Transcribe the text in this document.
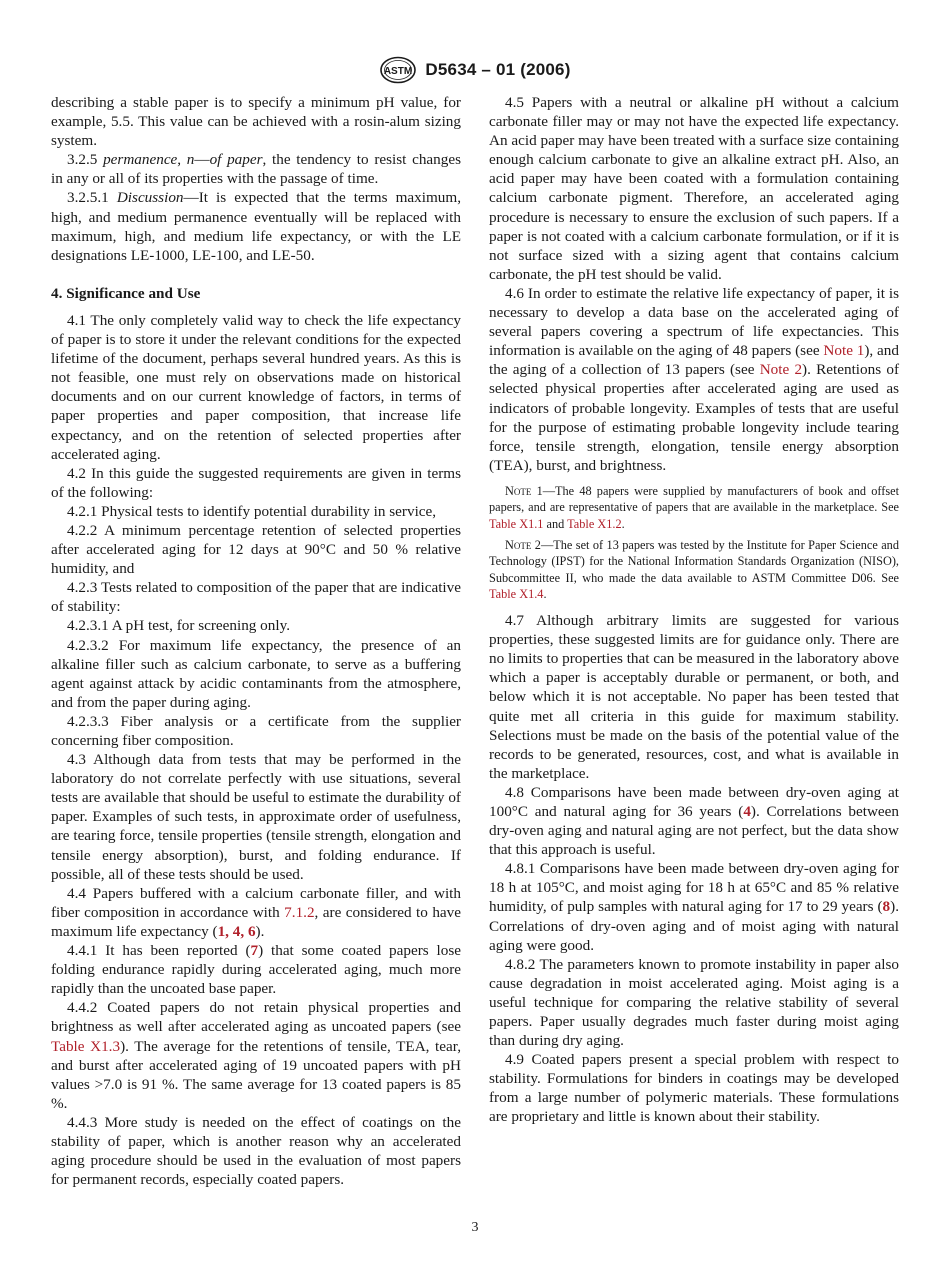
ASTM D5634 – 01 (2006)

describing a stable paper is to specify a minimum pH value, for example, 5.5. This value can be achieved with a rosin-alum sizing system.

3.2.5 permanence, n—of paper, the tendency to resist changes in any or all of its properties with the passage of time.

3.2.5.1 Discussion—It is expected that the terms maximum, high, and medium permanence eventually will be replaced with maximum, high, and medium life expectancy, or with the LE designations LE-1000, LE-100, and LE-50.

4. Significance and Use

4.1 The only completely valid way to check the life expectancy of paper is to store it under the relevant conditions for the expected lifetime of the document, perhaps several hundred years. As this is not feasible, one must rely on observations made on historical documents and on our current knowledge of factors, in terms of paper properties and paper composition, that increase life expectancy, and on the retention of selected properties after accelerated aging.

4.2 In this guide the suggested requirements are given in terms of the following:

4.2.1 Physical tests to identify potential durability in service,

4.2.2 A minimum percentage retention of selected properties after accelerated aging for 12 days at 90°C and 50 % relative humidity, and

4.2.3 Tests related to composition of the paper that are indicative of stability:

4.2.3.1 A pH test, for screening only.

4.2.3.2 For maximum life expectancy, the presence of an alkaline filler such as calcium carbonate, to serve as a buffering agent against attack by acidic contaminants from the atmosphere, and from the paper during aging.

4.2.3.3 Fiber analysis or a certificate from the supplier concerning fiber composition.

4.3 Although data from tests that may be performed in the laboratory do not correlate perfectly with use situations, several tests are available that should be useful to estimate the durability of paper. Examples of such tests, in approximate order of usefulness, are tearing force, tensile properties (tensile strength, elongation and tensile energy absorption), burst, and folding endurance. If possible, all of these tests should be used.

4.4 Papers buffered with a calcium carbonate filler, and with fiber composition in accordance with 7.1.2, are considered to have maximum life expectancy (1, 4, 6).

4.4.1 It has been reported (7) that some coated papers lose folding endurance rapidly during accelerated aging, much more rapidly than the uncoated base paper.

4.4.2 Coated papers do not retain physical properties and brightness as well after accelerated aging as uncoated papers (see Table X1.3). The average for the retentions of tensile, TEA, tear, and burst after accelerated aging of 19 uncoated papers with pH values >7.0 is 91 %. The same average for 13 coated papers is 85 %.

4.4.3 More study is needed on the effect of coatings on the stability of paper, which is another reason why an accelerated aging procedure should be used in the evaluation of most papers for permanent records, especially coated papers.

4.5 Papers with a neutral or alkaline pH without a calcium carbonate filler may or may not have the expected life expectancy. An acid paper may have been treated with a surface size containing enough calcium carbonate to give an alkaline extract pH. Also, an acid paper may have been coated with a formulation containing calcium carbonate pigment. Therefore, an accelerated aging procedure is necessary to ensure the exclusion of such papers. If a paper is not coated with a calcium carbonate formulation, or if it is not surface sized with a sizing agent that contains calcium carbonate, the pH test should be valid.

4.6 In order to estimate the relative life expectancy of paper, it is necessary to develop a data base on the accelerated aging of several papers covering a spectrum of life expectancies. This information is available on the aging of 48 papers (see Note 1), and the aging of a collection of 13 papers (see Note 2). Retentions of selected physical properties after accelerated aging are used as indicators of probable longevity. Examples of tests that are useful for the purpose of estimating probable longevity include tearing force, tensile strength, elongation, tensile energy absorption (TEA), burst, and brightness.

Note 1—The 48 papers were supplied by manufacturers of book and offset papers, and are representative of papers that are available in the marketplace. See Table X1.1 and Table X1.2.

Note 2—The set of 13 papers was tested by the Institute for Paper Science and Technology (IPST) for the National Information Standards Organization (NISO), Subcommittee II, who made the data available to ASTM Committee D06. See Table X1.4.

4.7 Although arbitrary limits are suggested for various properties, these suggested limits are for guidance only. There are no limits to properties that can be measured in the laboratory above which a paper is acceptably durable or permanent, or both, and below which it is not acceptable. No paper has been tested that quite met all criteria in this guide for maximum stability. Selections must be made on the basis of the potential value of the records to be generated, resources, cost, and what is available in the marketplace.

4.8 Comparisons have been made between dry-oven aging at 100°C and natural aging for 36 years (4). Correlations between dry-oven aging and natural aging are not perfect, but the data show that this approach is useful.

4.8.1 Comparisons have been made between dry-oven aging for 18 h at 105°C, and moist aging for 18 h at 65°C and 85 % relative humidity, of pulp samples with natural aging for 17 to 29 years (8). Correlations of dry-oven aging and of moist aging with natural aging were good.

4.8.2 The parameters known to promote instability in paper also cause degradation in moist accelerated aging. Moist aging is a useful technique for comparing the relative stability of several papers. Paper usually degrades much faster during moist aging than during dry aging.

4.9 Coated papers present a special problem with respect to stability. Formulations for binders in coatings may be developed from a large number of polymeric materials. These formulations are proprietary and little is known about their stability.

3
